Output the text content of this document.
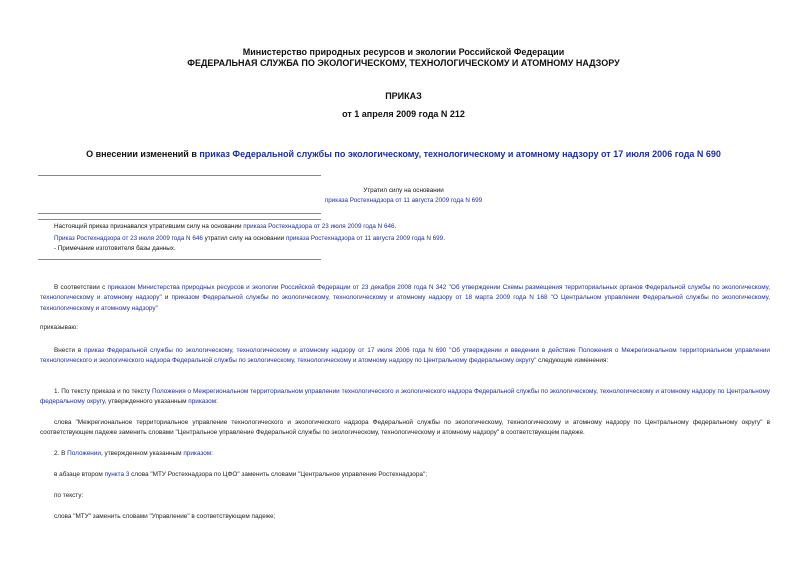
Министерство природных ресурсов и экологии Российской Федерации
ФЕДЕРАЛЬНАЯ СЛУЖБА ПО ЭКОЛОГИЧЕСКОМУ, ТЕХНОЛОГИЧЕСКОМУ И АТОМНОМУ НАДЗОРУ
ПРИКАЗ
от 1 апреля 2009 года N 212
О внесении изменений в приказ Федеральной службы по экологическому, технологическому и атомному надзору от 17 июля 2006 года N 690
Утратил силу на основании
приказа Ростехнадзора от 11 августа 2009 года N 699
Настоящий приказ признавался утратившим силу на основании приказа Ростехнадзора от 23 июля 2009 года N 646.
Приказ Ростехнадзора от 23 июля 2009 года N 646 утратил силу на основании приказа Ростехнадзора от 11 августа 2009 года N 699.
- Примечание изготовителя базы данных.
В соответствии с приказом Министерства природных ресурсов и экологии Российской Федерации от 23 декабря 2008 года N 342 "Об утверждении Схемы размещения территориальных органов Федеральной службы по экологическому, технологическому и атомному надзору" и приказом Федеральной службы по экологическому, технологическому и атомному надзору от 18 марта 2009 года N 168 "О Центральном управлении Федеральной службы по экологическому, технологическому и атомному надзору"
приказываю:
Внести в приказ Федеральной службы по экологическому, технологическому и атомному надзору от 17 июля 2006 года N 690 "Об утверждении и введении в действие Положения о Межрегиональном территориальном управлении технологического и экологического надзора Федеральной службы по экологическому, технологическому и атомному надзору по Центральному федеральному округу" следующие изменения:
1. По тексту приказа и по тексту Положения о Межрегиональном территориальном управлении технологического и экологического надзора Федеральной службы по экологическому, технологическому и атомному надзору по Центральному федеральному округу, утвержденного указанным приказом:
слова "Межрегиональное территориальное управление технологического и экологического надзора Федеральной службы по экологическому, технологическому и атомному надзору по Центральному федеральному округу" в соответствующем падеже заменить словами "Центральное управление Федеральной службы по экологическому, технологическому и атомному надзору" в соответствующем падеже.
2. В Положении, утвержденном указанным приказом:
в абзаце втором пункта 3 слова "МТУ Ростехнадзора по ЦФО" заменить словами "Центральное управление Ростехнадзора";
по тексту:
слова "МТУ" заменить словами "Управление" в соответствующем падеже;
